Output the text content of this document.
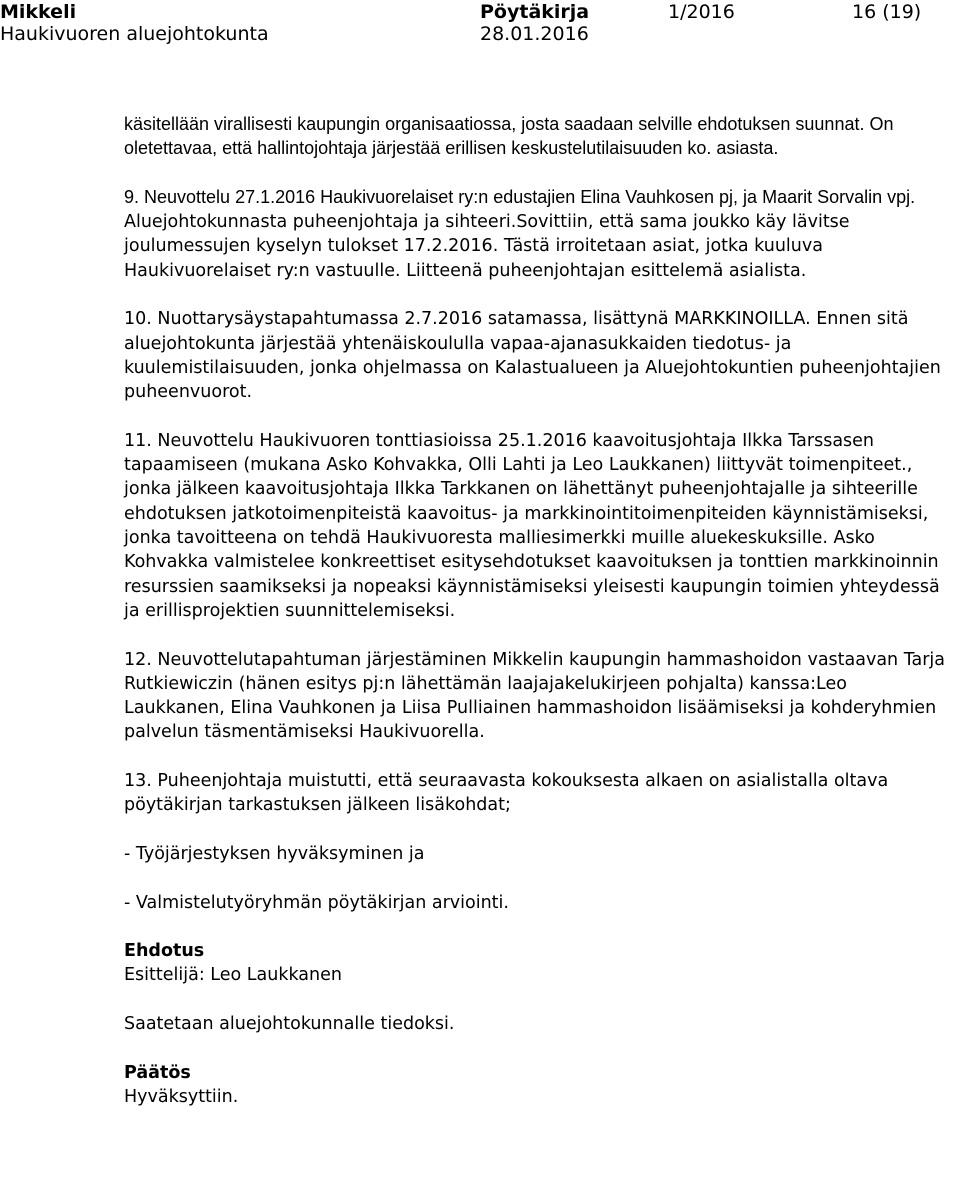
Mikkeli
Haukivuoren aluejohtokunta
Pöytäkirja
28.01.2016
1/2016	16 (19)

käsitellään virallisesti kaupungin organisaatiossa, josta saadaan selville ehdotuksen suunnat. On oletettavaa, että hallintojohtaja järjestää erillisen keskustelutilaisuuden ko. asiasta.

9. Neuvottelu 27.1.2016 Haukivuorelaiset ry:n edustajien Elina Vauhkosen pj, ja Maarit Sorvalin vpj. Aluejohtokunnasta puheenjohtaja ja sihteeri.Sovittiin, että sama joukko käy lävitse joulumessujen kyselyn tulokset 17.2.2016. Tästä irroitetaan asiat, jotka kuuluva Haukivuorelaiset ry:n vastuulle. Liitteenä puheenjohtajan esittelemä asialista.

10. Nuottarysäystapahtumassa 2.7.2016 satamassa, lisättynä MARKKINOILLA. Ennen sitä aluejohtokunta järjestää yhtenäiskoululla vapaa-ajanasukkaiden tiedotus- ja kuulemistilaisuuden, jonka ohjelmassa on Kalastualueen ja Aluejohtokuntien puheenjohtajien puheenvuorot.

11. Neuvottelu Haukivuoren tonttiasioissa 25.1.2016 kaavoitusjohtaja Ilkka Tarssasen tapaamiseen (mukana Asko Kohvakka, Olli Lahti ja Leo Laukkanen) liittyvät toimenpiteet., jonka jälkeen kaavoitusjohtaja Ilkka Tarkkanen on lähettänyt puheenjohtajalle ja sihteerille ehdotuksen jatkotoimenpiteistä kaavoitus- ja markkinointitoimenpiteiden käynnistämiseksi, jonka tavoitteena on tehdä Haukivuoresta malliesimerkki muille aluekeskuksille. Asko Kohvakka valmistelee konkreettiset esitysehdotukset kaavoituksen ja tonttien markkinoinnin resurssien saamikseksi ja nopeaksi käynnistämiseksi yleisesti kaupungin toimien yhteydessä ja erillisprojektien suunnittelemiseksi.

12. Neuvottelutapahtuman järjestäminen Mikkelin kaupungin hammashoidon vastaavan Tarja Rutkiewiczin (hänen esitys pj:n lähettämän laajajakelukirjeen pohjalta) kanssa:Leo Laukkanen, Elina Vauhkonen ja Liisa Pulliainen hammashoidon lisäämiseksi ja kohderyhmien palvelun täsmentämiseksi Haukivuorella.

13. Puheenjohtaja muistutti, että seuraavasta kokouksesta alkaen on asialistalla oltava pöytäkirjan tarkastuksen jälkeen lisäkohdat;

- Työjärjestyksen hyväksyminen ja

- Valmistelutyöryhmän pöytäkirjan arviointi.

Ehdotus

Esittelijä: Leo Laukkanen

Saatetaan aluejohtokunnalle tiedoksi.

Päätös

Hyväksyttiin.
